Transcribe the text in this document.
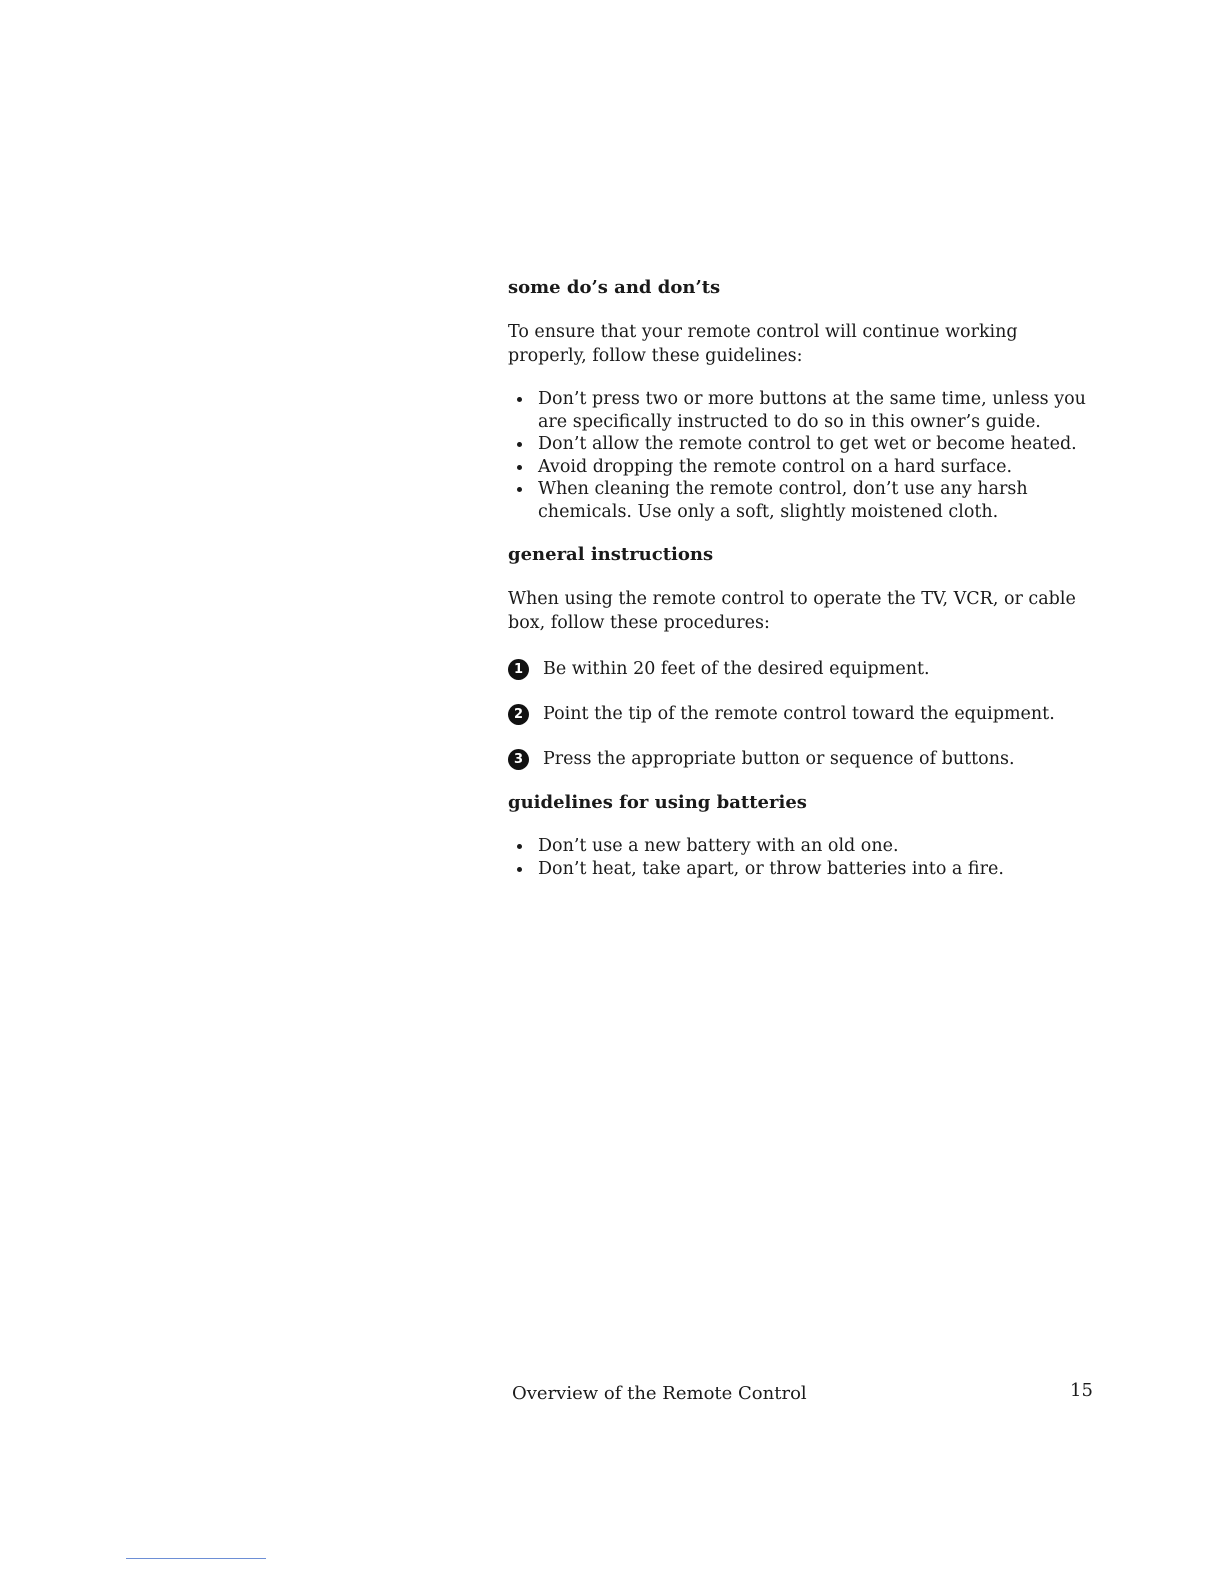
some do’s and don’ts

To ensure that your remote control will continue working properly, follow these guidelines:

Don’t press two or more buttons at the same time, unless you are specifically instructed to do so in this owner’s guide.
Don’t allow the remote control to get wet or become heated.
Avoid dropping the remote control on a hard surface.
When cleaning the remote control, don’t use any harsh chemicals. Use only a soft, slightly moistened cloth.
general instructions

When using the remote control to operate the TV, VCR, or cable box, follow these procedures:

1	Be within 20 feet of the desired equipment.
2	Point the tip of the remote control toward the equipment.
3	Press the appropriate button or sequence of buttons.
guidelines for using batteries
Don’t use a new battery with an old one.
Don’t heat, take apart, or throw batteries into a fire.
Overview of the Remote Control	15
